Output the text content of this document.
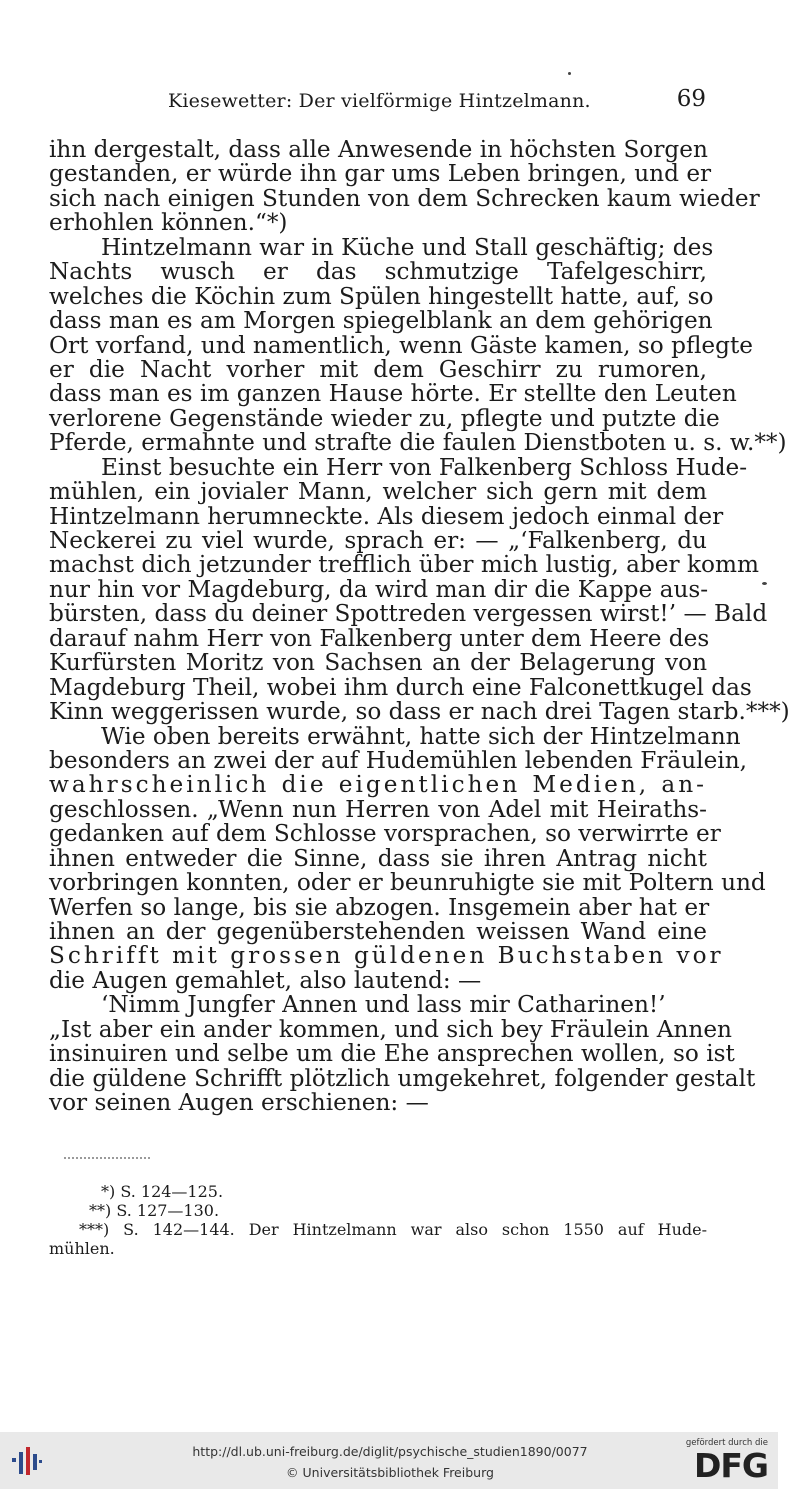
Kiesewetter: Der vielförmige Hintzelmann.	69
ihn dergestalt, dass alle Anwesende in höchsten Sorgen
gestanden, er würde ihn gar ums Leben bringen, und er
sich nach einigen Stunden von dem Schrecken kaum wieder
erhohlen können.“*)
Hintzelmann war in Küche und Stall geschäftig; des
Nachts wusch er das schmutzige Tafelgeschirr,
welches die Köchin zum Spülen hingestellt hatte, auf, so
dass man es am Morgen spiegelblank an dem gehörigen
Ort vorfand, und namentlich, wenn Gäste kamen, so pflegte
er die Nacht vorher mit dem Geschirr zu rumoren,
dass man es im ganzen Hause hörte. Er stellte den Leuten
verlorene Gegenstände wieder zu, pflegte und putzte die
Pferde, ermahnte und strafte die faulen Dienstboten u. s. w.**)
Einst besuchte ein Herr von Falkenberg Schloss Hude-
mühlen, ein jovialer Mann, welcher sich gern mit dem
Hintzelmann herumneckte. Als diesem jedoch einmal der
Neckerei zu viel wurde, sprach er: — „‘Falkenberg, du
machst dich jetzunder trefflich über mich lustig, aber komm
nur hin vor Magdeburg, da wird man dir die Kappe aus-
bürsten, dass du deiner Spottreden vergessen wirst!’ — Bald
darauf nahm Herr von Falkenberg unter dem Heere des
Kurfürsten Moritz von Sachsen an der Belagerung von
Magdeburg Theil, wobei ihm durch eine Falconettkugel das
Kinn weggerissen wurde, so dass er nach drei Tagen starb.***)
Wie oben bereits erwähnt, hatte sich der Hintzelmann
besonders an zwei der auf Hudemühlen lebenden Fräulein,
wahrscheinlich die eigentlichen Medien, an-
geschlossen. „Wenn nun Herren von Adel mit Heiraths-
gedanken auf dem Schlosse vorsprachen, so verwirrte er
ihnen entweder die Sinne, dass sie ihren Antrag nicht
vorbringen konnten, oder er beunruhigte sie mit Poltern und
Werfen so lange, bis sie abzogen. Insgemein aber hat er
ihnen an der gegenüberstehenden weissen Wand eine
Schrifft mit grossen güldenen Buchstaben vor
die Augen gemahlet, also lautend: —
‘Nimm Jungfer Annen und lass mir Catharinen!’
„Ist aber ein ander kommen, und sich bey Fräulein Annen
insinuiren und selbe um die Ehe ansprechen wollen, so ist
die güldene Schrifft plötzlich umgekehret, folgender gestalt
vor seinen Augen erschienen: —
*) S. 124—125.
**) S. 127—130.
***) S. 142—144. Der Hintzelmann war also schon 1550 auf Hude-
mühlen.
http://dl.ub.uni-freiburg.de/diglit/psychische_studien1890/0077
© Universitätsbibliothek Freiburg
gefördert durch die
DFG
